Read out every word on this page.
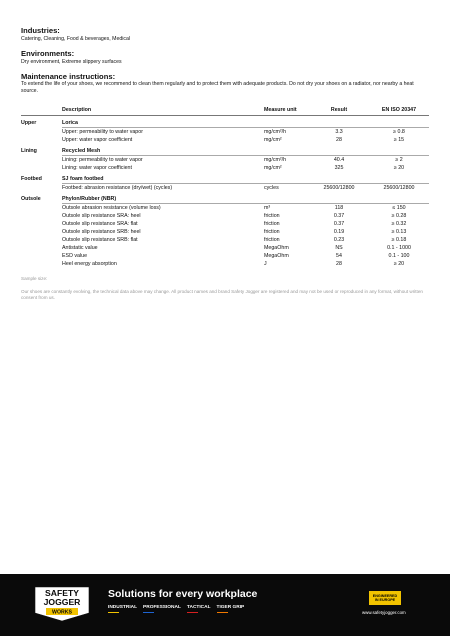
Industries:
Catering, Cleaning, Food & beverages, Medical
Environments:
Dry environment, Extreme slippery surfaces
Maintenance instructions:
To extend the life of your shoes, we recommend to clean them regularly and to protect them with adequate products. Do not dry your shoes on a radiator, nor nearby a heat source.
	Description	Measure unit	Result	EN ISO 20347
Upper	Lorica			
	Upper: permeability to water vapor	mg/cm²/h	3.3	≥ 0.8
	Upper: water vapor coefficient	mg/cm²	28	≥ 15
Lining	Recycled Mesh			
	Lining: permeability to water vapor	mg/cm²/h	40.4	≥ 2
	Lining: water vapor coefficient	mg/cm²	325	≥ 20
Footbed	SJ foam footbed			
	Footbed: abrasion resistance (dry/wet) (cycles)	cycles	25600/12800	25600/12800
Outsole	Phylon/Rubber (NBR)			
	Outsole abrasion resistance (volume loss)	m³	118	≤ 150
	Outsole slip resistance SRA: heel	friction	0.37	≥ 0.28
	Outsole slip resistance SRA: flat	friction	0.37	≥ 0.32
	Outsole slip resistance SRB: heel	friction	0.19	≥ 0.13
	Outsole slip resistance SRB: flat	friction	0.23	≥ 0.18
	Antistatic value	MegaOhm	NS	0.1 - 1000
	ESD value	MegaOhm	54	0.1 - 100
	Heel energy absorption	J	28	≥ 20
Sample size:
Our shoes are constantly evolving, the technical data above may change. All product names and brand Safety Jogger are registered and may not be used or reproduced in any format, without written consent from us.
SAFETY
JOGGER
WORKS
Solutions for every workplace
INDUSTRIAL PROFESSIONAL TACTICAL TIGER GRIP
ENGINEERED
IN EUROPE
www.safetyjogger.com
